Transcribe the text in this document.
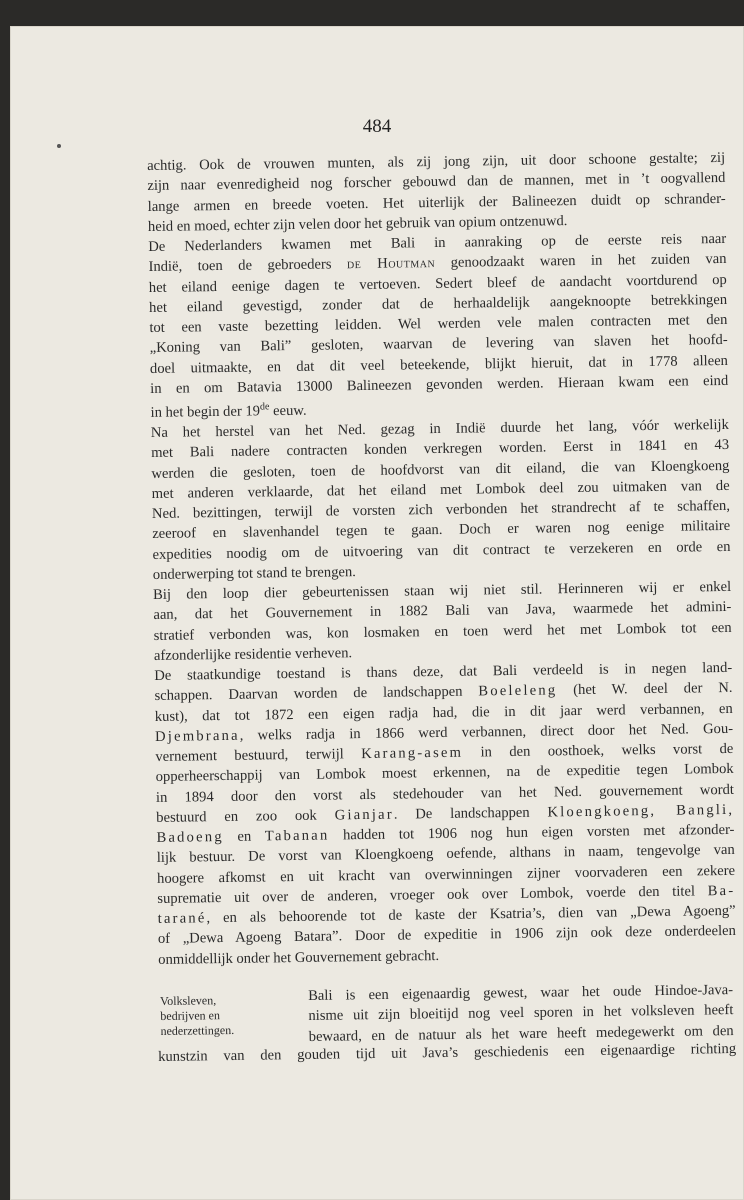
484
achtig. Ook de vrouwen munten, als zij jong zijn, uit door schoone gestalte; zij
zijn naar evenredigheid nog forscher gebouwd dan de mannen, met in ’t oogvallend
lange armen en breede voeten. Het uiterlijk der Balineezen duidt op schrander-
heid en moed, echter zijn velen door het gebruik van opium ontzenuwd.
De Nederlanders kwamen met Bali in aanraking op de eerste reis naar
Indië, toen de gebroeders de Houtman genoodzaakt waren in het zuiden van
het eiland eenige dagen te vertoeven. Sedert bleef de aandacht voortdurend op
het eiland gevestigd, zonder dat de herhaaldelijk aangeknoopte betrekkingen
tot een vaste bezetting leidden. Wel werden vele malen contracten met den
„Koning van Bali” gesloten, waarvan de levering van slaven het hoofd-
doel uitmaakte, en dat dit veel beteekende, blijkt hieruit, dat in 1778 alleen
in en om Batavia 13000 Balineezen gevonden werden. Hieraan kwam een eind
in het begin der 19de eeuw.
Na het herstel van het Ned. gezag in Indië duurde het lang, vóór werkelijk
met Bali nadere contracten konden verkregen worden. Eerst in 1841 en 43
werden die gesloten, toen de hoofdvorst van dit eiland, die van Kloengkoeng
met anderen verklaarde, dat het eiland met Lombok deel zou uitmaken van de
Ned. bezittingen, terwijl de vorsten zich verbonden het strandrecht af te schaffen,
zeeroof en slavenhandel tegen te gaan. Doch er waren nog eenige militaire
expedities noodig om de uitvoering van dit contract te verzekeren en orde en
onderwerping tot stand te brengen.
Bij den loop dier gebeurtenissen staan wij niet stil. Herinneren wij er enkel
aan, dat het Gouvernement in 1882 Bali van Java, waarmede het admini-
stratief verbonden was, kon losmaken en toen werd het met Lombok tot een
afzonderlijke residentie verheven.
De staatkundige toestand is thans deze, dat Bali verdeeld is in negen land-
schappen. Daarvan worden de landschappen Boeleleng (het W. deel der N.
kust), dat tot 1872 een eigen radja had, die in dit jaar werd verbannen, en
Djembrana, welks radja in 1866 werd verbannen, direct door het Ned. Gou-
vernement bestuurd, terwijl Karang-asem in den oosthoek, welks vorst de
opperheerschappij van Lombok moest erkennen, na de expeditie tegen Lombok
in 1894 door den vorst als stedehouder van het Ned. gouvernement wordt
bestuurd en zoo ook Gianjar. De landschappen Kloengkoeng, Bangli,
Badoeng en Tabanan hadden tot 1906 nog hun eigen vorsten met afzonder-
lijk bestuur. De vorst van Kloengkoeng oefende, althans in naam, tengevolge van
hoogere afkomst en uit kracht van overwinningen zijner voorvaderen een zekere
suprematie uit over de anderen, vroeger ook over Lombok, voerde den titel Ba-
tarané, en als behoorende tot de kaste der Ksatria’s, dien van „Dewa Agoeng”
of „Dewa Agoeng Batara”. Door de expeditie in 1906 zijn ook deze onderdeelen
onmiddellijk onder het Gouvernement gebracht.
Volksleven,
bedrijven en
nederzettingen.
Bali is een eigenaardig gewest, waar het oude Hindoe-Java-
nisme uit zijn bloeitijd nog veel sporen in het volksleven heeft
bewaard, en de natuur als het ware heeft medegewerkt om den
kunstzin van den gouden tijd uit Java’s geschiedenis een eigenaardige richting
